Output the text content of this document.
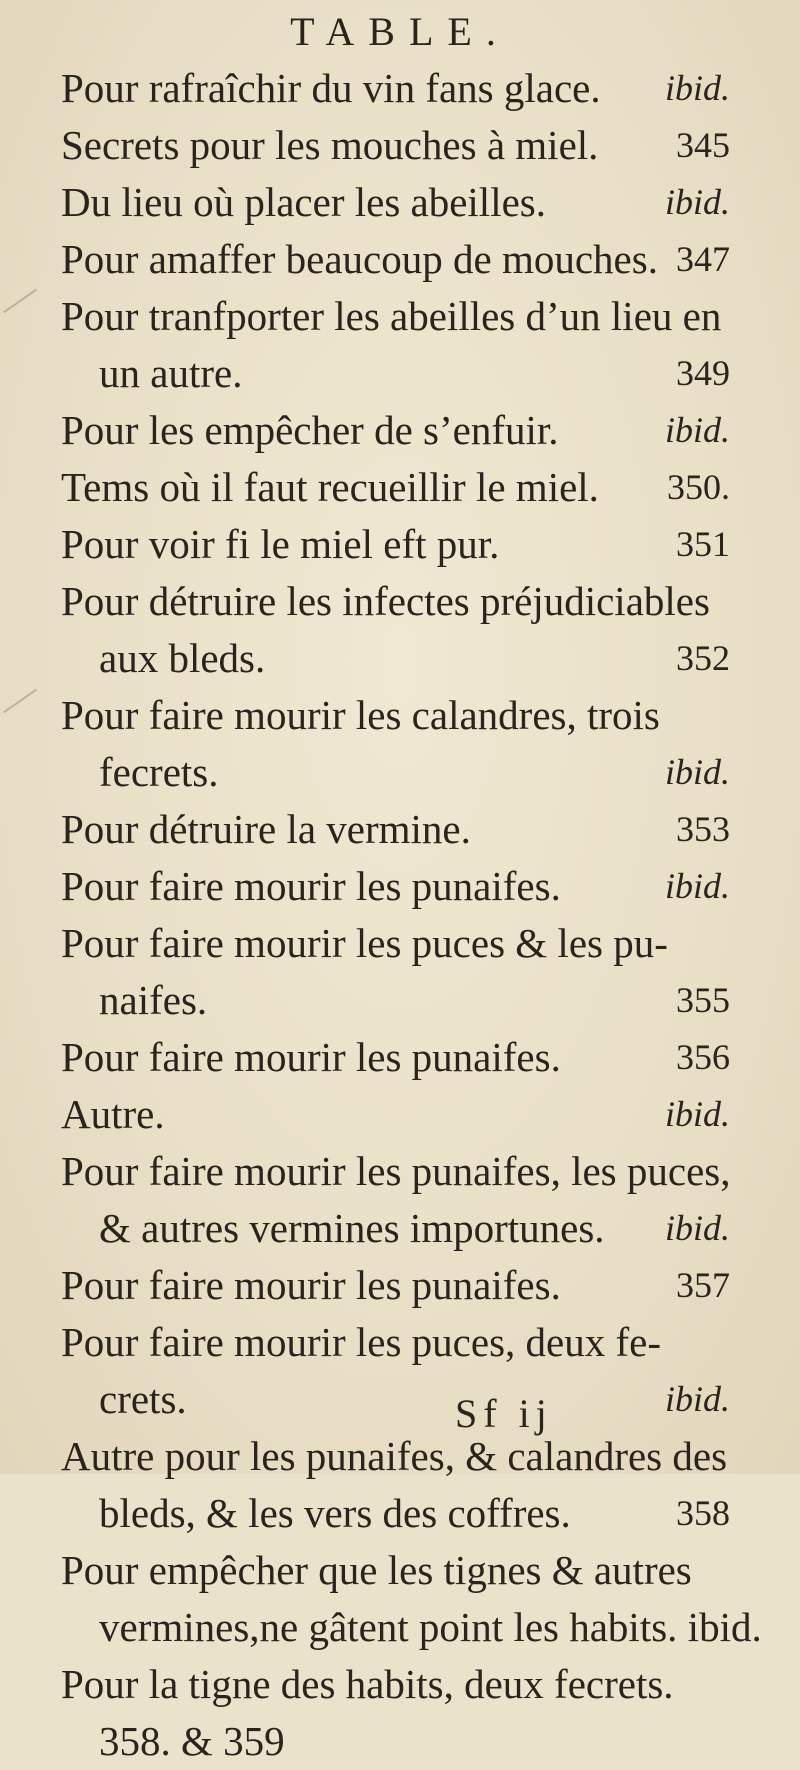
TABLE.
Pour rafraîchir du vin fans glace. ibid.
Secrets pour les mouches à miel. 345
Du lieu où placer les abeilles.	ibid.
Pour amaffer beaucoup de mouches. 347
Pour tranfporter les abeilles d’un lieu en
un autre.	349
Pour les empêcher de s’enfuir.	ibid.
Tems où il faut recueillir le miel. 350.
Pour voir fi le miel eft pur.	351
Pour détruire les infectes préjudiciables
aux bleds.	352
Pour faire mourir les calandres, trois
fecrets.	ibid.
Pour détruire la vermine.	353
Pour faire mourir les punaifes.	ibid.
Pour faire mourir les puces & les pu-
naifes.	355
Pour faire mourir les punaifes.	356
Autre.	ibid.
Pour faire mourir les punaifes, les puces,
& autres vermines importunes. ibid.
Pour faire mourir les punaifes.	357
Pour faire mourir les puces, deux fe-
crets.	ibid.
Autre pour les punaifes, & calandres des
bleds, & les vers des coffres.	358
Pour empêcher que les tignes & autres
vermines,ne gâtent point les habits. ibid.
Pour la tigne des habits, deux fecrets.
358. & 359
Sf ij
